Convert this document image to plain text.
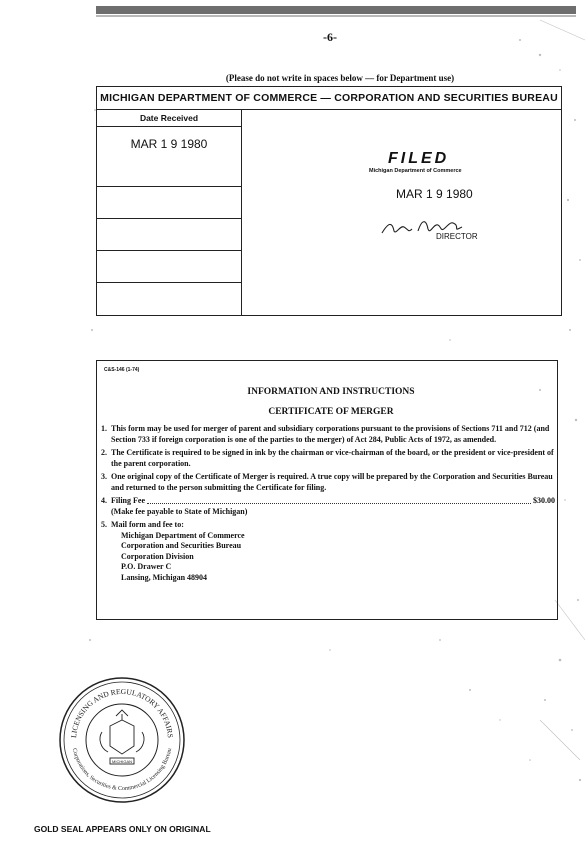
-6-
(Please do not write in spaces below — for Department use)
MICHIGAN DEPARTMENT OF COMMERCE — CORPORATION AND SECURITIES BUREAU
Date Received
MAR 1 9 1980
FILED
Michigan Department of Commerce
MAR 1 9 1980
DIRECTOR
C&S-146 (1-74)
INFORMATION AND INSTRUCTIONS
CERTIFICATE OF MERGER
1. This form may be used for merger of parent and subsidiary corporations pursuant to the provisions of Sections 711 and 712 (and Section 733 if foreign corporation is one of the parties to the merger) of Act 284, Public Acts of 1972, as amended.
2. The Certificate is required to be signed in ink by the chairman or vice-chairman of the board, or the president or vice-president of the parent corporation.
3. One original copy of the Certificate of Merger is required. A true copy will be prepared by the Corporation and Securities Bureau and returned to the person submitting the Certificate for filing.
4. Filing Fee	$30.00
(Make fee payable to State of Michigan)
5. Mail form and fee to:
Michigan Department of Commerce
Corporation and Securities Bureau
Corporation Division
P.O. Drawer C
Lansing, Michigan 48904
LICENSING AND REGULATORY AFFAIRS
Corporations, Securities & Commercial Licensing Bureau
MICHIGAN
GOLD SEAL APPEARS ONLY ON ORIGINAL
